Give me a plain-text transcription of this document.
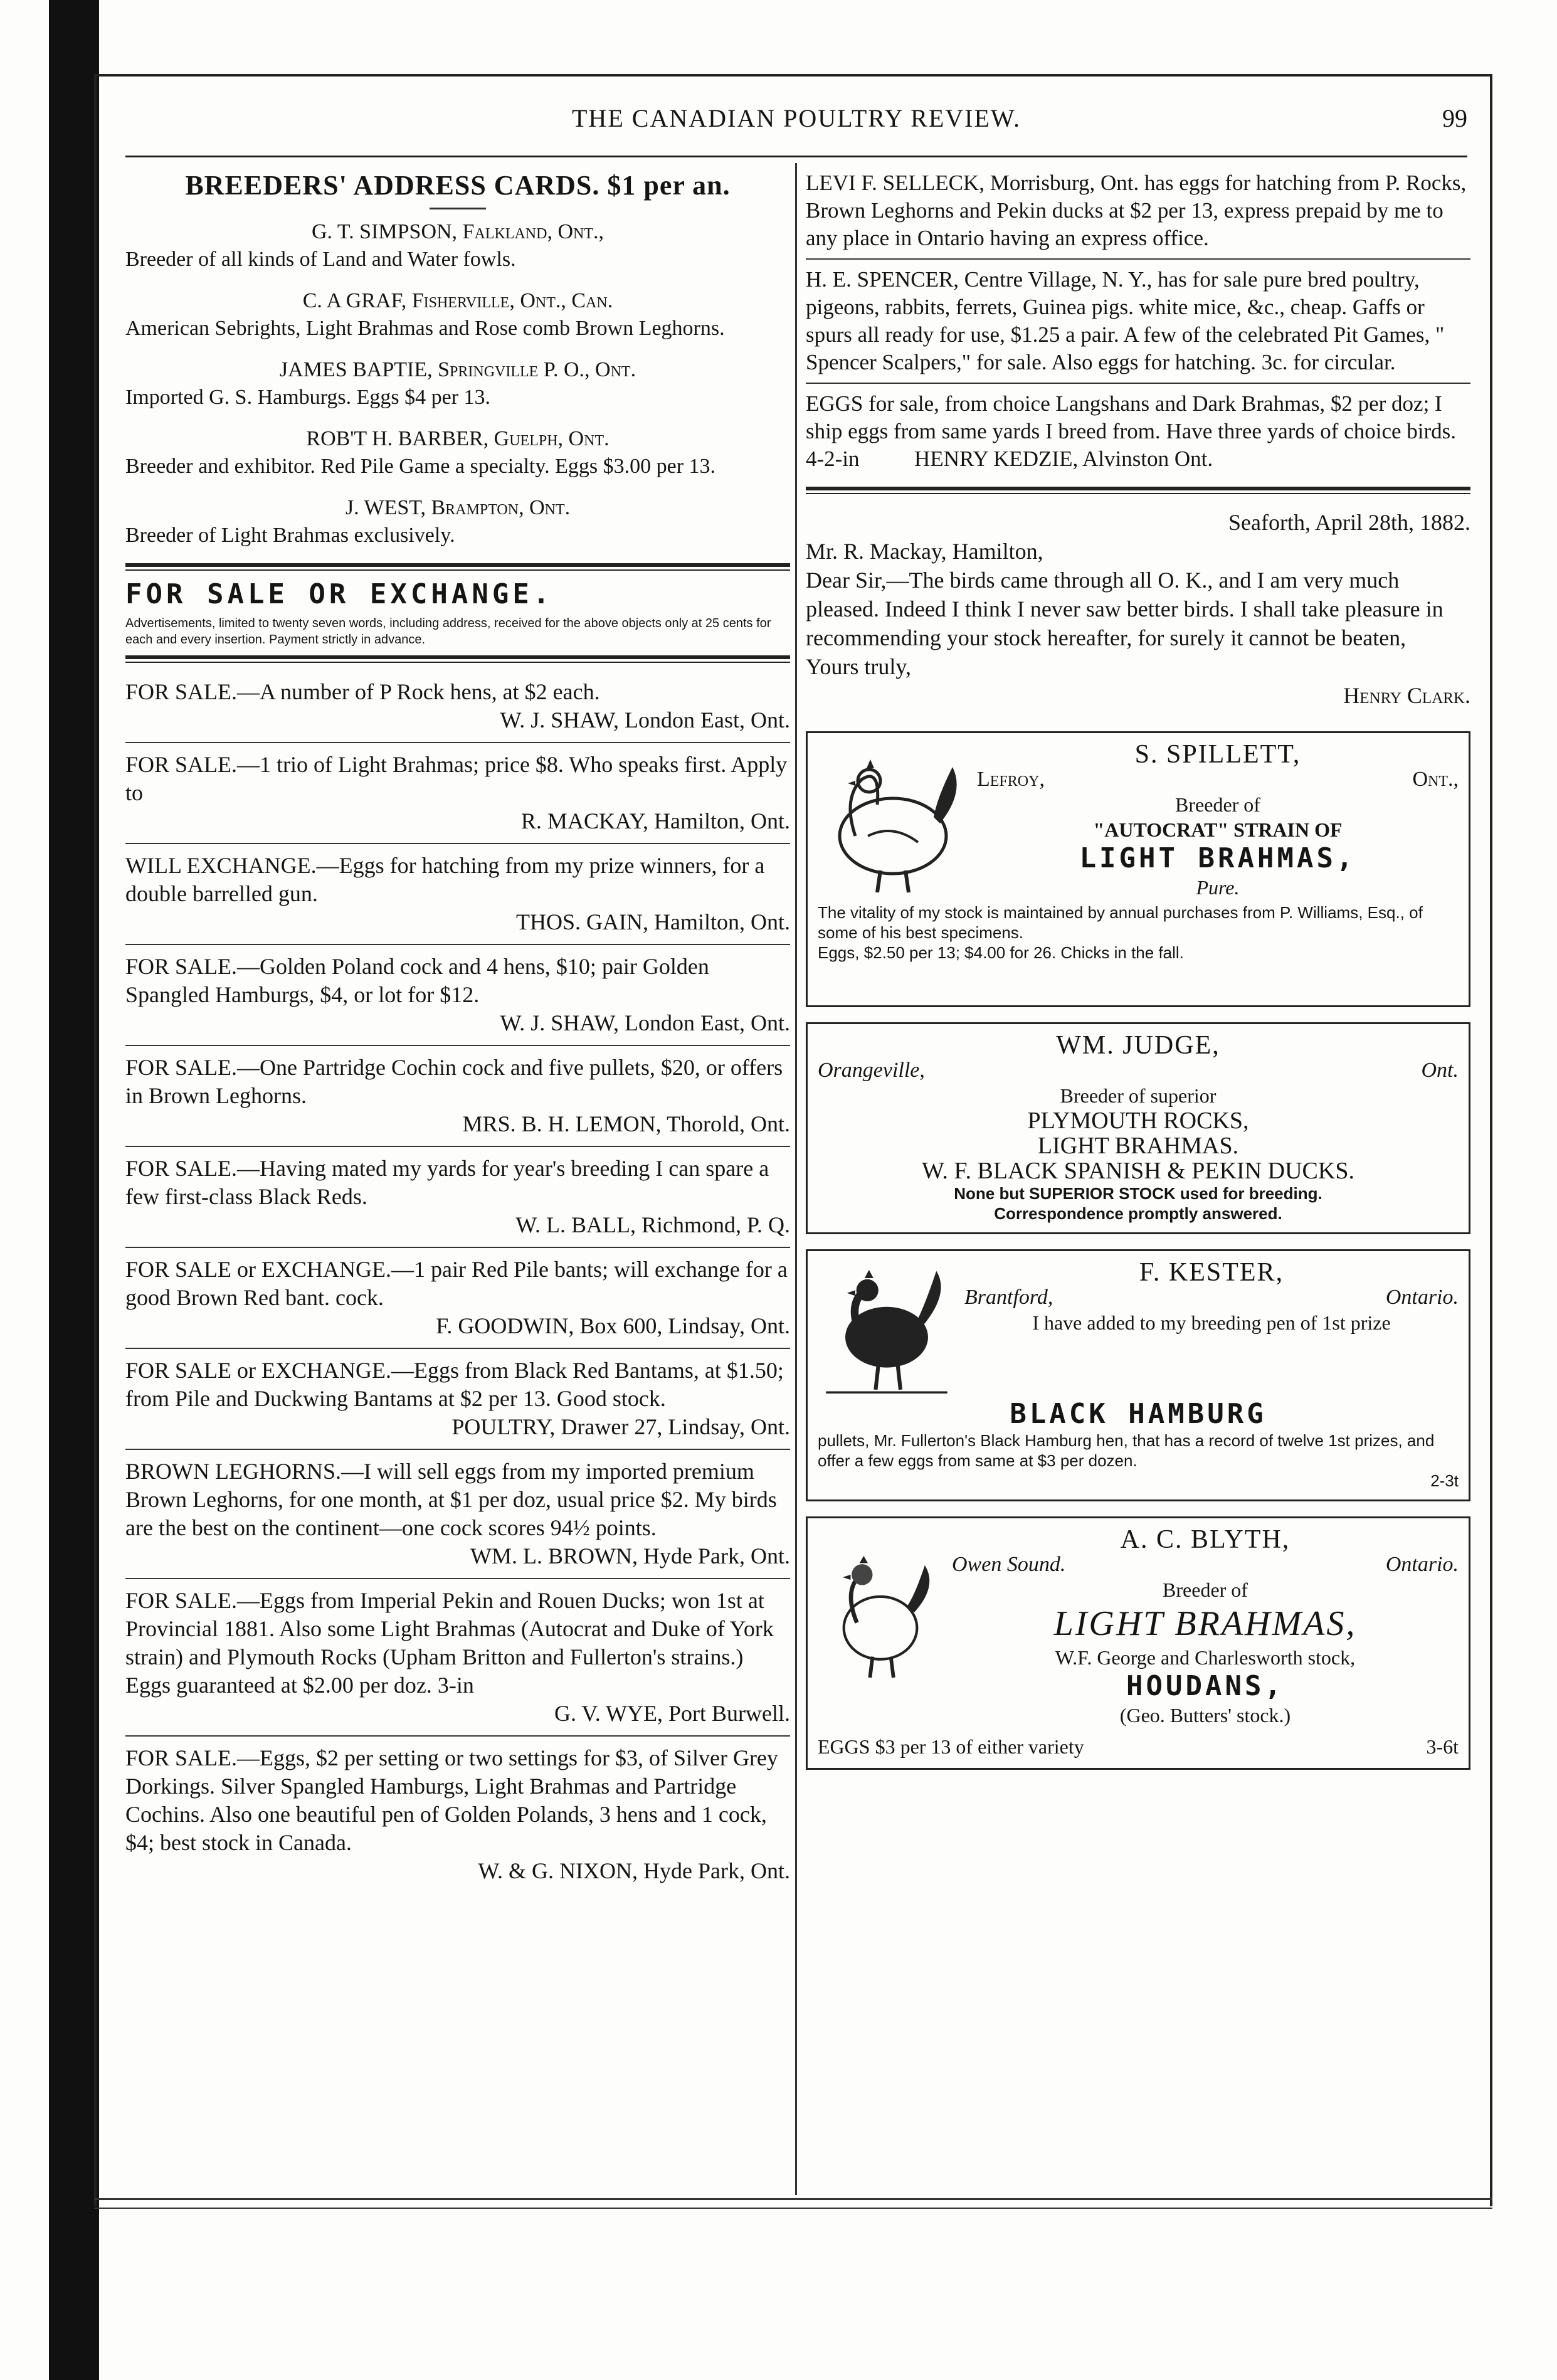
THE CANADIAN POULTRY REVIEW.	99
BREEDERS' ADDRESS CARDS. $1 per an.
G. T. SIMPSON, Falkland, Ont.,
Breeder of all kinds of Land and Water fowls.
C. A GRAF, Fisherville, Ont., Can.
American Sebrights, Light Brahmas and Rose comb Brown Leghorns.
JAMES BAPTIE, Springville P. O., Ont.
Imported G. S. Hamburgs. Eggs $4 per 13.
ROB'T H. BARBER, Guelph, Ont.
Breeder and exhibitor. Red Pile Game a specialty. Eggs $3.00 per 13.
J. WEST, Brampton, Ont.
Breeder of Light Brahmas exclusively.
FOR SALE OR EXCHANGE.
Advertisements, limited to twenty seven words, including address, received for the above objects only at 25 cents for each and every insertion. Payment strictly in advance.
FOR SALE.—A number of P Rock hens, at $2 each.
W. J. SHAW, London East, Ont.
FOR SALE.—1 trio of Light Brahmas; price $8. Who speaks first. Apply to
R. MACKAY, Hamilton, Ont.
WILL EXCHANGE.—Eggs for hatching from my prize winners, for a double barrelled gun.
THOS. GAIN, Hamilton, Ont.
FOR SALE.—Golden Poland cock and 4 hens, $10; pair Golden Spangled Hamburgs, $4, or lot for $12.
W. J. SHAW, London East, Ont.
FOR SALE.—One Partridge Cochin cock and five pullets, $20, or offers in Brown Leghorns.
MRS. B. H. LEMON, Thorold, Ont.
FOR SALE.—Having mated my yards for year's breeding I can spare a few first-class Black Reds.
W. L. BALL, Richmond, P. Q.
FOR SALE or EXCHANGE.—1 pair Red Pile bants; will exchange for a good Brown Red bant. cock.
F. GOODWIN, Box 600, Lindsay, Ont.
FOR SALE or EXCHANGE.—Eggs from Black Red Bantams, at $1.50; from Pile and Duckwing Bantams at $2 per 13. Good stock.
POULTRY, Drawer 27, Lindsay, Ont.
BROWN LEGHORNS.—I will sell eggs from my imported premium Brown Leghorns, for one month, at $1 per doz, usual price $2. My birds are the best on the continent—one cock scores 94½ points.
WM. L. BROWN, Hyde Park, Ont.
FOR SALE.—Eggs from Imperial Pekin and Rouen Ducks; won 1st at Provincial 1881. Also some Light Brahmas (Autocrat and Duke of York strain) and Plymouth Rocks (Upham Britton and Fullerton's strains.) Eggs guaranteed at $2.00 per doz. 3-in
G. V. WYE, Port Burwell.
FOR SALE.—Eggs, $2 per setting or two settings for $3, of Silver Grey Dorkings. Silver Spangled Hamburgs, Light Brahmas and Partridge Cochins. Also one beautiful pen of Golden Polands, 3 hens and 1 cock, $4; best stock in Canada.
W. & G. NIXON, Hyde Park, Ont.
LEVI F. SELLECK, Morrisburg, Ont. has eggs for hatching from P. Rocks, Brown Leghorns and Pekin ducks at $2 per 13, express prepaid by me to any place in Ontario having an express office.
H. E. SPENCER, Centre Village, N. Y., has for sale pure bred poultry, pigeons, rabbits, ferrets, Guinea pigs. white mice, &c., cheap. Gaffs or spurs all ready for use, $1.25 a pair. A few of the celebrated Pit Games, " Spencer Scalpers," for sale. Also eggs for hatching. 3c. for circular.
EGGS for sale, from choice Langshans and Dark Brahmas, $2 per doz; I ship eggs from same yards I breed from. Have three yards of choice birds.
4-2-in          HENRY KEDZIE, Alvinston Ont.
Seaforth, April 28th, 1882.
Mr. R. Mackay, Hamilton,
Dear Sir,—The birds came through all O. K., and I am very much pleased. Indeed I think I never saw better birds. I shall take pleasure in recommending your stock hereafter, for surely it cannot be beaten,        Yours truly,
Henry Clark.
S. SPILLETT,
Lefroy,	Ont.,
Breeder of
"AUTOCRAT" STRAIN OF
LIGHT BRAHMAS,
Pure.
The vitality of my stock is maintained by annual purchases from P. Williams, Esq., of some of his best specimens.
Eggs, $2.50 per 13; $4.00 for 26. Chicks in the fall.
WM. JUDGE,
Orangeville,	Ont.
Breeder of superior
PLYMOUTH ROCKS,
LIGHT BRAHMAS.
W. F. BLACK SPANISH & PEKIN DUCKS.
None but SUPERIOR STOCK used for breeding.
Correspondence promptly answered.
F. KESTER,
Brantford,	Ontario.
I have added to my breeding pen of 1st prize
BLACK HAMBURG
pullets, Mr. Fullerton's Black Hamburg hen, that has a record of twelve 1st prizes, and offer a few eggs from same at $3 per dozen.
2-3t
A. C. BLYTH,
Owen Sound.	Ontario.
Breeder of
LIGHT BRAHMAS,
W.F. George and Charlesworth stock,
HOUDANS,
(Geo. Butters' stock.)
EGGS $3 per 13 of either variety	3-6t
